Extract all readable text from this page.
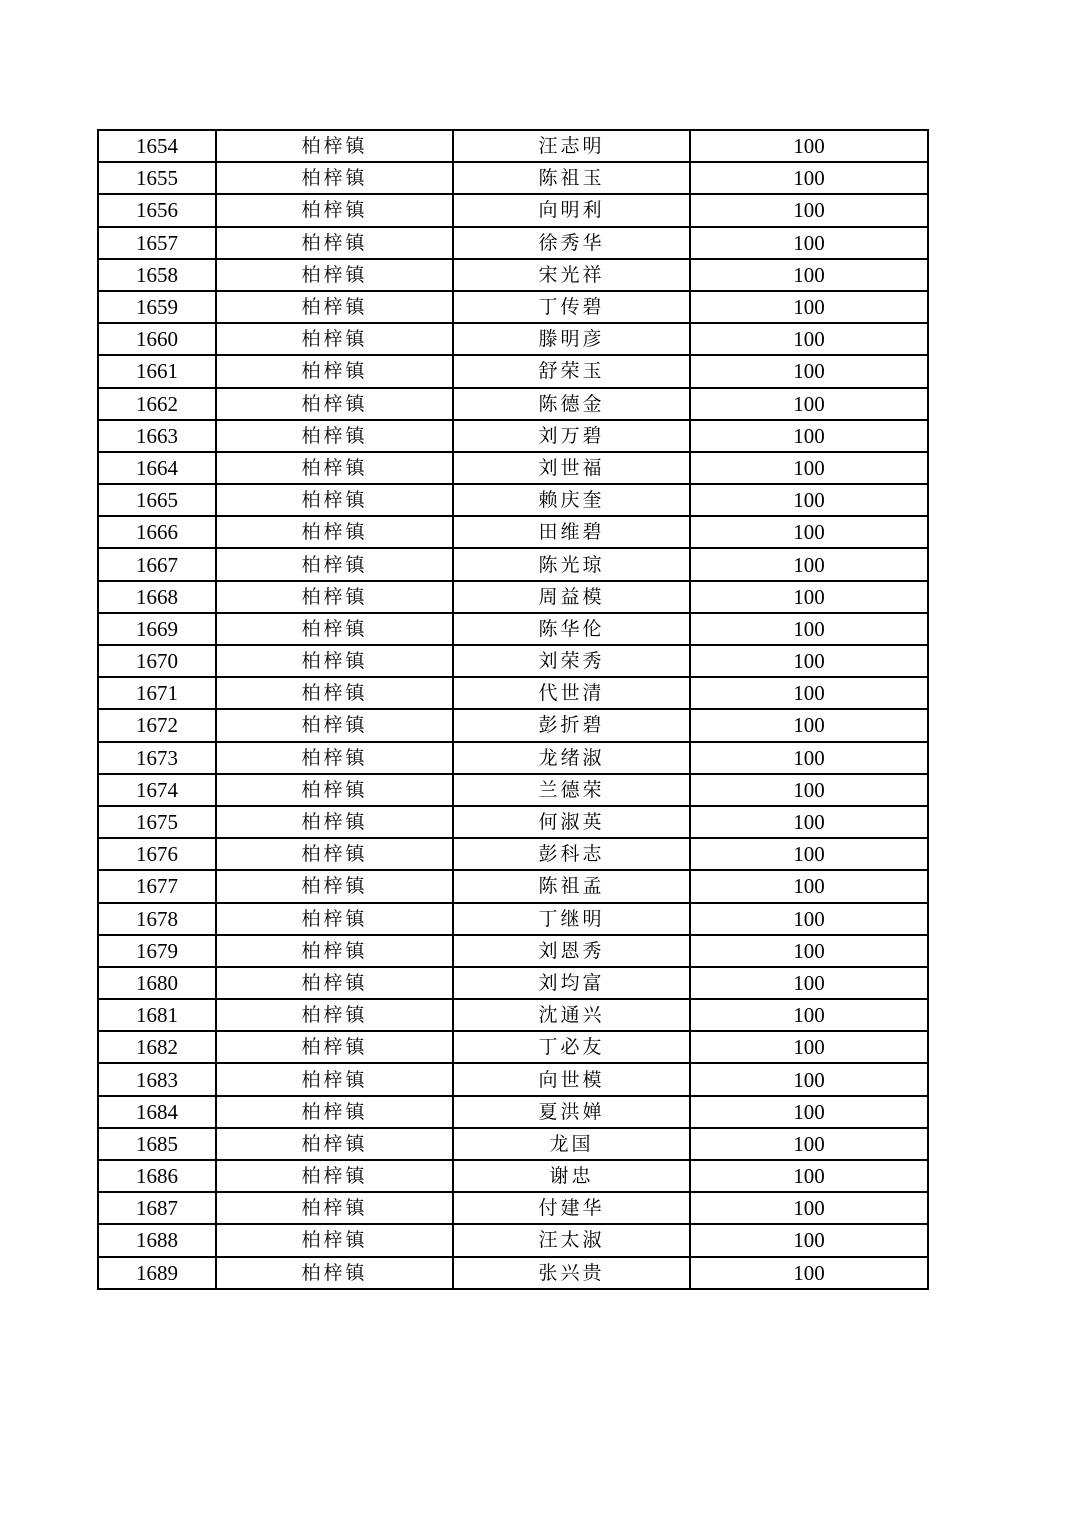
1654	柏梓镇	汪志明	100
1655	柏梓镇	陈祖玉	100
1656	柏梓镇	向明利	100
1657	柏梓镇	徐秀华	100
1658	柏梓镇	宋光祥	100
1659	柏梓镇	丁传碧	100
1660	柏梓镇	滕明彦	100
1661	柏梓镇	舒荣玉	100
1662	柏梓镇	陈德金	100
1663	柏梓镇	刘万碧	100
1664	柏梓镇	刘世福	100
1665	柏梓镇	赖庆奎	100
1666	柏梓镇	田维碧	100
1667	柏梓镇	陈光琼	100
1668	柏梓镇	周益模	100
1669	柏梓镇	陈华伦	100
1670	柏梓镇	刘荣秀	100
1671	柏梓镇	代世清	100
1672	柏梓镇	彭折碧	100
1673	柏梓镇	龙绪淑	100
1674	柏梓镇	兰德荣	100
1675	柏梓镇	何淑英	100
1676	柏梓镇	彭科志	100
1677	柏梓镇	陈祖孟	100
1678	柏梓镇	丁继明	100
1679	柏梓镇	刘恩秀	100
1680	柏梓镇	刘均富	100
1681	柏梓镇	沈通兴	100
1682	柏梓镇	丁必友	100
1683	柏梓镇	向世模	100
1684	柏梓镇	夏洪婵	100
1685	柏梓镇	龙国	100
1686	柏梓镇	谢忠	100
1687	柏梓镇	付建华	100
1688	柏梓镇	汪太淑	100
1689	柏梓镇	张兴贵	100
